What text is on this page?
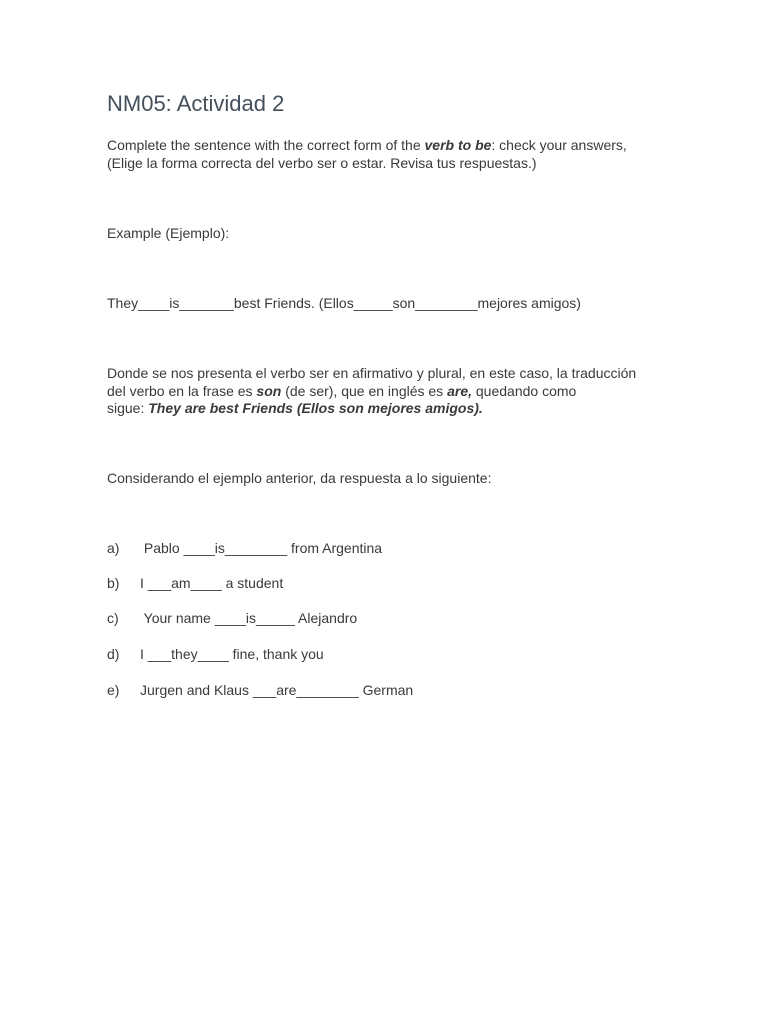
NM05: Actividad 2

Complete the sentence with the correct form of the verb to be: check your answers,
(Elige la forma correcta del verbo ser o estar. Revisa tus respuestas.)

Example (Ejemplo):

They____is_______best Friends. (Ellos_____son________mejores amigos)

Donde se nos presenta el verbo ser en afirmativo y plural, en este caso, la traducción
del verbo en la frase es son (de ser), que en inglés es are, quedando como
sigue: They are best Friends (Ellos son mejores amigos).

Considerando el ejemplo anterior, da respuesta a lo siguiente:

a) Pablo ____is________ from Argentina

b) I ___am____ a student

c) Your name ____is_____ Alejandro

d) I ___they____ fine, thank you

e) Jurgen and Klaus ___are________ German
